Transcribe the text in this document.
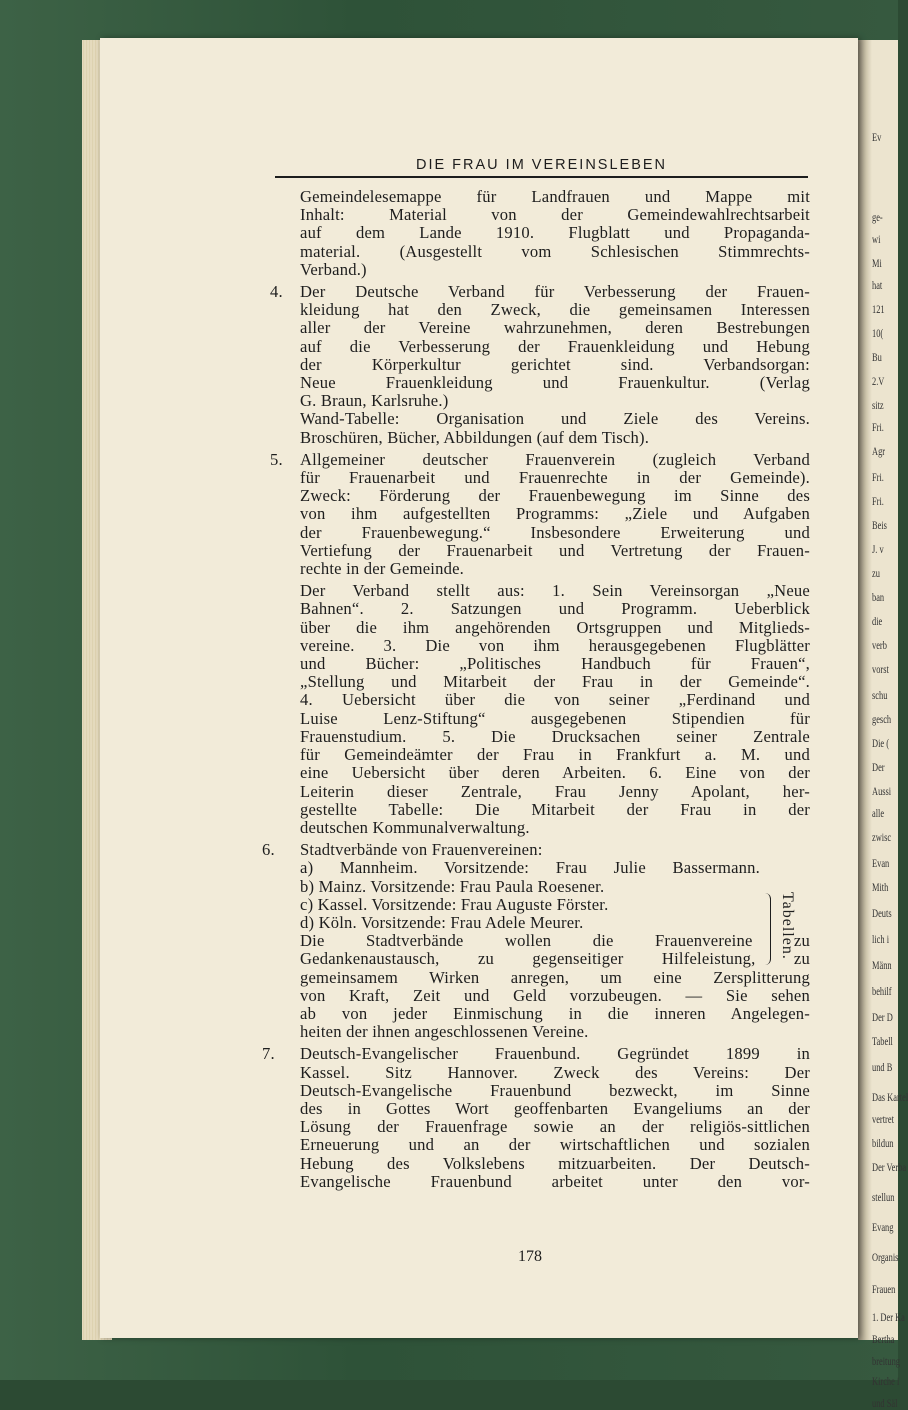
Ev
ge-
wi
Mi
hat
121
10(
Bu
2.V
sitz
Fri.
Agr
Fri.
Fri.
Beis
J. v
zu
ban
die
verb
vorst
schu
gesch
Die (
Der
Aussi
alle
zwisc
Evan
Mith
Deuts
lich i
Männ
behilf
Der D
Tabell
und B
Das Kartel
vertret
bildun
Der Verba
stellun
Evang
Organis
Frauen
1. Der Ka
Bertha
breitung
Kirche i
und Säl
DIE FRAU IM VEREINSLEBEN
Gemeindelesemappe für Landfrauen und Mappe mit
Inhalt: Material von der Gemeindewahlrechtsarbeit
auf dem Lande 1910. Flugblatt und Propaganda-
material. (Ausgestellt vom Schlesischen Stimmrechts-
Verband.)
4. Der Deutsche Verband für Verbesserung der Frauen-
kleidung hat den Zweck, die gemeinsamen Interessen
aller der Vereine wahrzunehmen, deren Bestrebungen
auf die Verbesserung der Frauenkleidung und Hebung
der Körperkultur gerichtet sind. Verbandsorgan:
Neue Frauenkleidung und Frauenkultur. (Verlag
G. Braun, Karlsruhe.)
Wand-Tabelle: Organisation und Ziele des Vereins.
Broschüren, Bücher, Abbildungen (auf dem Tisch).
5. Allgemeiner deutscher Frauenverein (zugleich Verband
für Frauenarbeit und Frauenrechte in der Gemeinde).
Zweck: Förderung der Frauenbewegung im Sinne des
von ihm aufgestellten Programms: „Ziele und Aufgaben
der Frauenbewegung.“ Insbesondere Erweiterung und
Vertiefung der Frauenarbeit und Vertretung der Frauen-
rechte in der Gemeinde.
Der Verband stellt aus: 1. Sein Vereinsorgan „Neue
Bahnen“. 2. Satzungen und Programm. Ueberblick
über die ihm angehörenden Ortsgruppen und Mitglieds-
vereine. 3. Die von ihm herausgegebenen Flugblätter
und Bücher: „Politisches Handbuch für Frauen“,
„Stellung und Mitarbeit der Frau in der Gemeinde“.
4. Uebersicht über die von seiner „Ferdinand und
Luise Lenz-Stiftung“ ausgegebenen Stipendien für
Frauenstudium. 5. Die Drucksachen seiner Zentrale
für Gemeindeämter der Frau in Frankfurt a. M. und
eine Uebersicht über deren Arbeiten. 6. Eine von der
Leiterin dieser Zentrale, Frau Jenny Apolant, her-
gestellte Tabelle: Die Mitarbeit der Frau in der
deutschen Kommunalverwaltung.
6. Stadtverbände von Frauenvereinen:
a) Mannheim. Vorsitzende: Frau Julie Bassermann.
b) Mainz. Vorsitzende: Frau Paula Roesener.
c) Kassel. Vorsitzende: Frau Auguste Förster.
d) Köln. Vorsitzende: Frau Adele Meurer.
Die Stadtverbände wollen die Frauenvereine zu
Gedankenaustausch, zu gegenseitiger Hilfeleistung, zu
gemeinsamem Wirken anregen, um eine Zersplitterung
von Kraft, Zeit und Geld vorzubeugen. — Sie sehen
ab von jeder Einmischung in die inneren Angelegen-
heiten der ihnen angeschlossenen Vereine.
7. Deutsch-Evangelischer Frauenbund. Gegründet 1899 in
Kassel. Sitz Hannover. Zweck des Vereins: Der
Deutsch-Evangelische Frauenbund bezweckt, im Sinne
des in Gottes Wort geoffenbarten Evangeliums an der
Lösung der Frauenfrage sowie an der religiös-sittlichen
Erneuerung und an der wirtschaftlichen und sozialen
Hebung des Volkslebens mitzuarbeiten. Der Deutsch-
Evangelische Frauenbund arbeitet unter den vor-
Tabellen.
178
